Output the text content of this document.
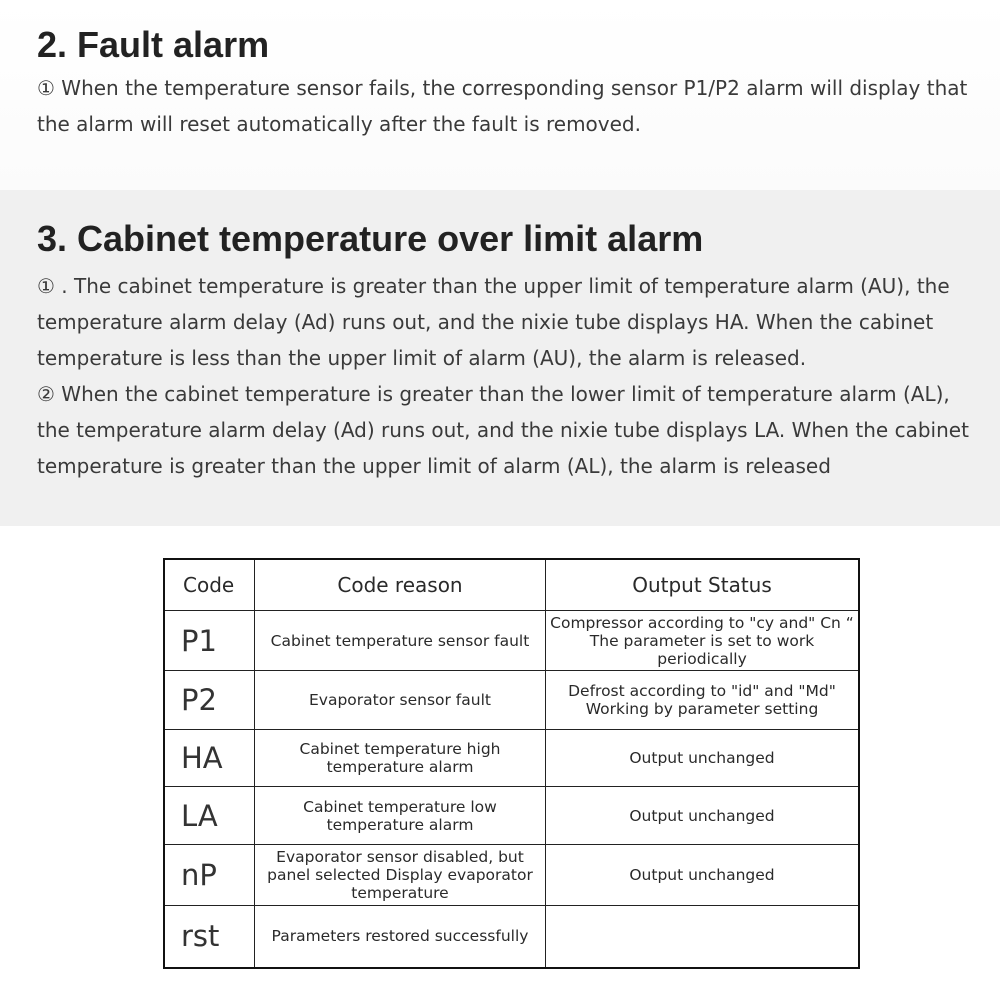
2. Fault alarm

① When the temperature sensor fails, the corresponding sensor P1/P2 alarm will display that the alarm will reset automatically after the fault is removed.

3. Cabinet temperature over limit alarm

① . The cabinet temperature is greater than the upper limit of temperature alarm (AU), the temperature alarm delay (Ad) runs out, and the nixie tube displays HA. When the cabinet temperature is less than the upper limit of alarm (AU), the alarm is released.

② When the cabinet temperature is greater than the lower limit of temperature alarm (AL), the temperature alarm delay (Ad) runs out, and the nixie tube displays LA. When the cabinet temperature is greater than the upper limit of alarm (AL), the alarm is released

Code	Code reason	Output Status
P1	Cabinet temperature sensor fault	Compressor according to "cy and" Cn “
The parameter is set to work periodically
P2	Evaporator sensor fault	Defrost according to "id" and "Md"
Working by parameter setting
HA	Cabinet temperature high
temperature alarm	Output unchanged
LA	Cabinet temperature low
temperature alarm	Output unchanged
nP	Evaporator sensor disabled, but
panel selected Display evaporator
temperature	Output unchanged
rst	Parameters restored successfully	
